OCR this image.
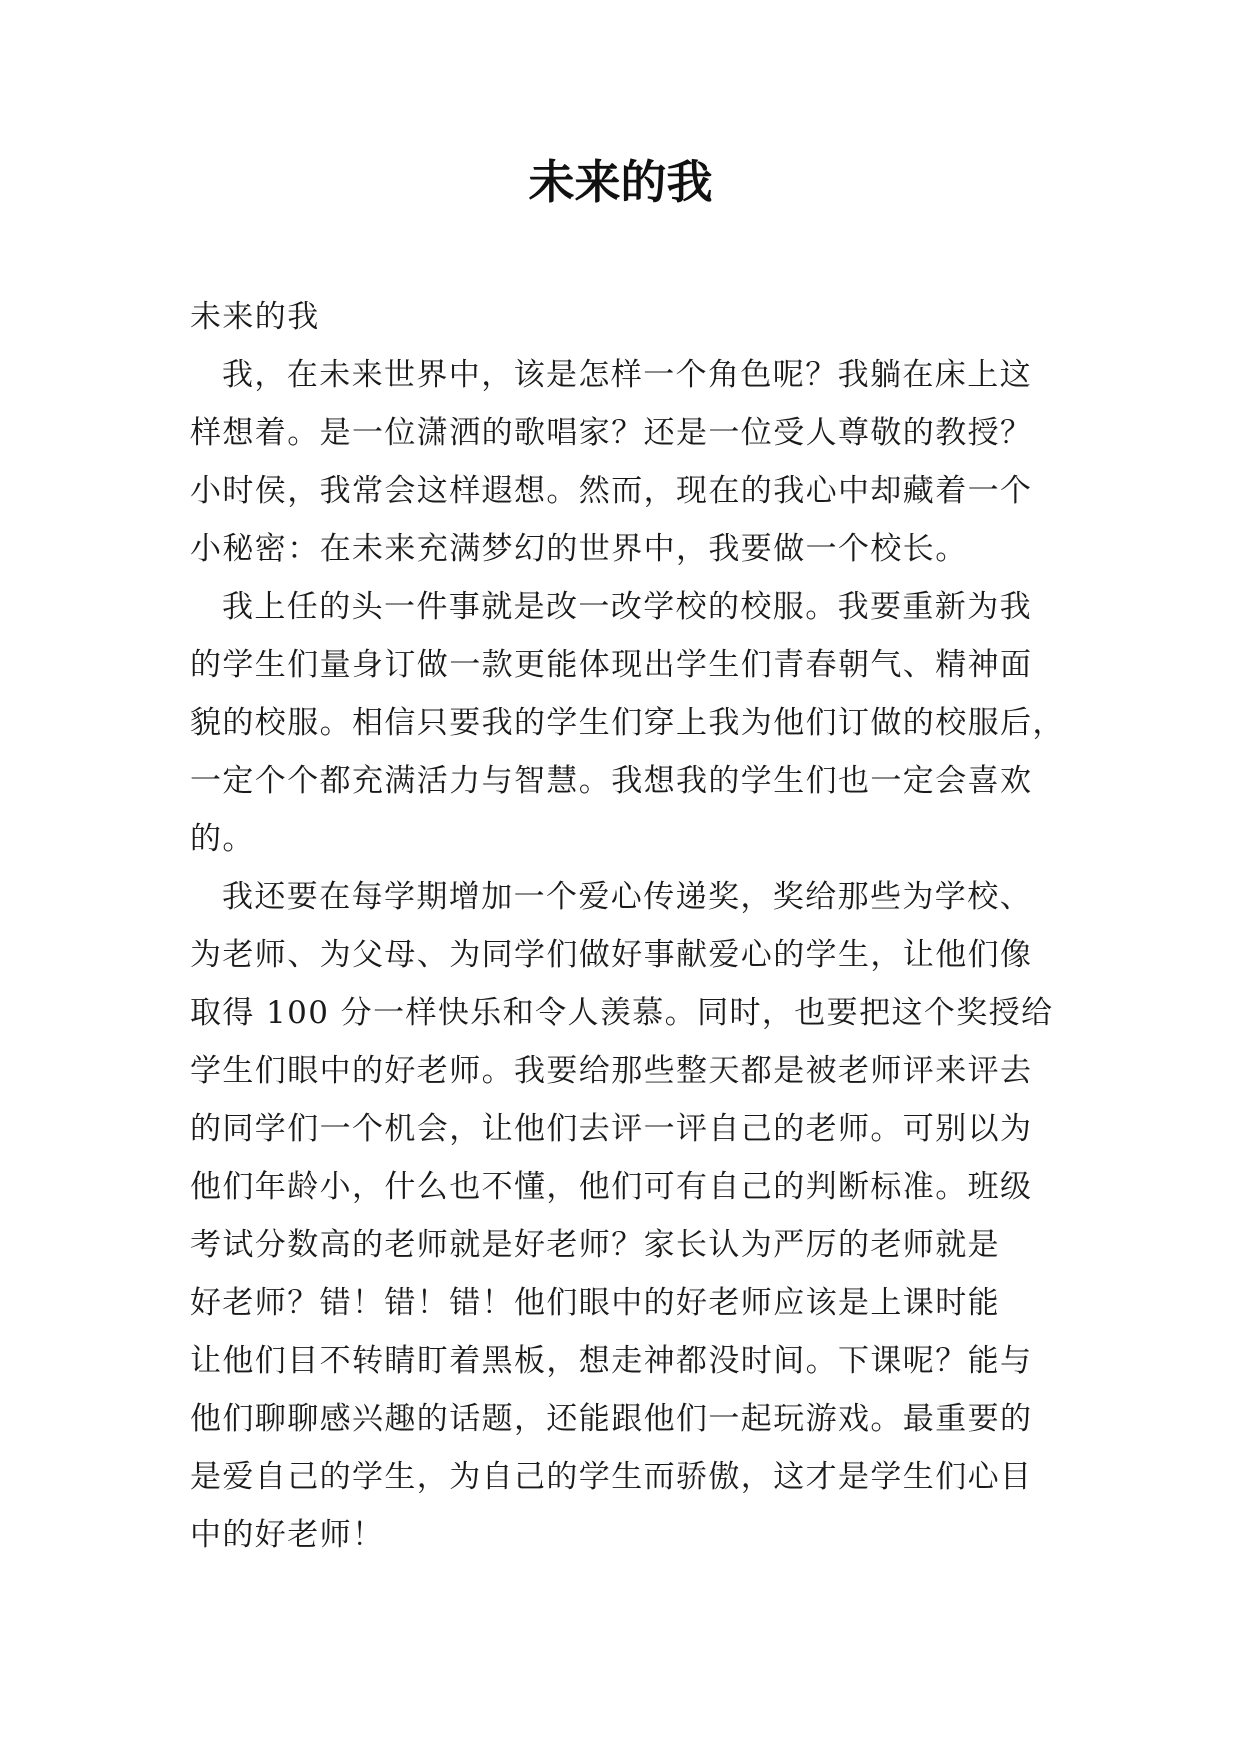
未来的我
未来的我
我，在未来世界中，该是怎样一个角色呢？我躺在床上这
样想着。是一位潇洒的歌唱家？还是一位受人尊敬的教授？
小时侯，我常会这样遐想。然而，现在的我心中却藏着一个
小秘密：在未来充满梦幻的世界中，我要做一个校长。
我上任的头一件事就是改一改学校的校服。我要重新为我
的学生们量身订做一款更能体现出学生们青春朝气、精神面
貌的校服。相信只要我的学生们穿上我为他们订做的校服后，
一定个个都充满活力与智慧。我想我的学生们也一定会喜欢
的。
我还要在每学期增加一个爱心传递奖，奖给那些为学校、
为老师、为父母、为同学们做好事献爱心的学生，让他们像
取得 100 分一样快乐和令人羡慕。同时，也要把这个奖授给
学生们眼中的好老师。我要给那些整天都是被老师评来评去
的同学们一个机会，让他们去评一评自己的老师。可别以为
他们年龄小，什么也不懂，他们可有自己的判断标准。班级
考试分数高的老师就是好老师？家长认为严厉的老师就是
好老师？错！错！错！他们眼中的好老师应该是上课时能
让他们目不转睛盯着黑板，想走神都没时间。下课呢？能与
他们聊聊感兴趣的话题，还能跟他们一起玩游戏。最重要的
是爱自己的学生，为自己的学生而骄傲，这才是学生们心目
中的好老师！
